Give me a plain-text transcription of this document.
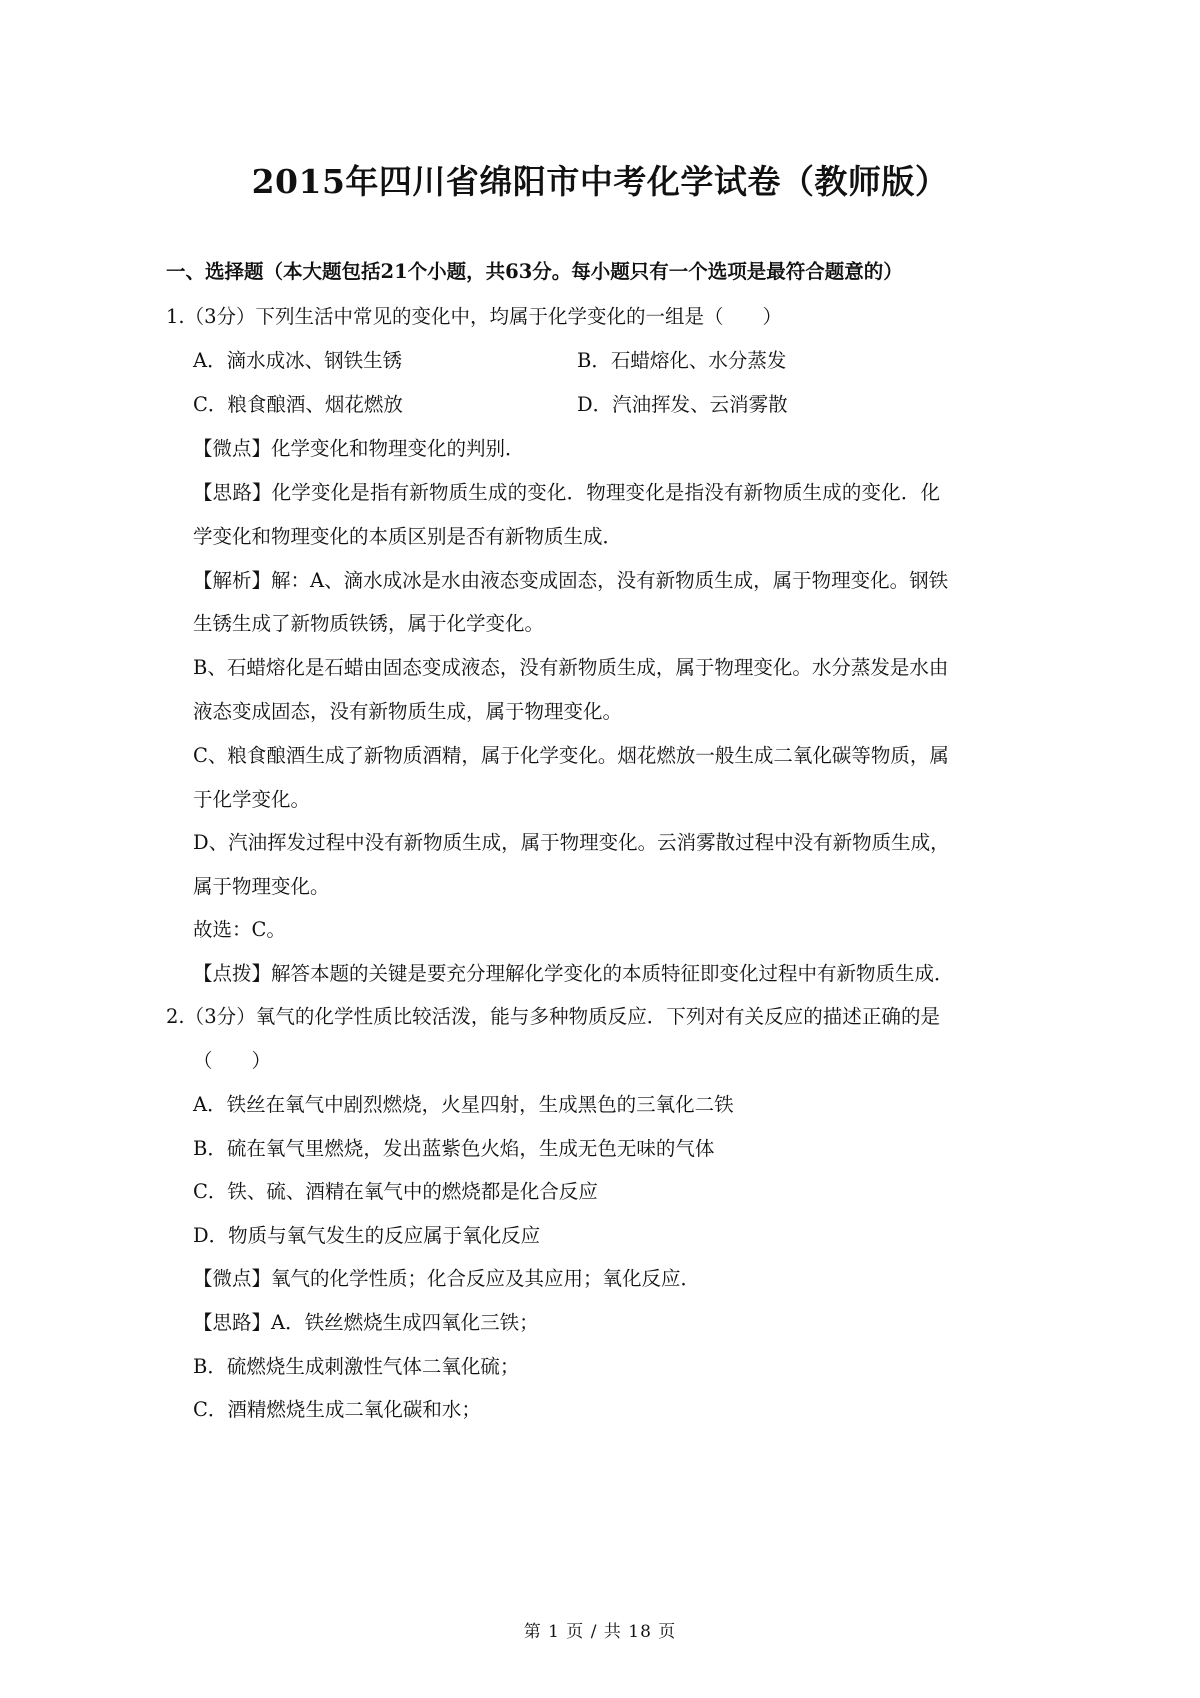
2015年四川省绵阳市中考化学试卷（教师版）
一、选择题（本大题包括21个小题，共63分。每小题只有一个选项是最符合题意的）
1.（3分）下列生活中常见的变化中，均属于化学变化的一组是（　　）
A．滴水成冰、钢铁生锈	B．石蜡熔化、水分蒸发
C．粮食酿酒、烟花燃放	D．汽油挥发、云消雾散
【微点】化学变化和物理变化的判别．
【思路】化学变化是指有新物质生成的变化．物理变化是指没有新物质生成的变化．化
学变化和物理变化的本质区别是否有新物质生成．
【解析】解：A、滴水成冰是水由液态变成固态，没有新物质生成，属于物理变化。钢铁
生锈生成了新物质铁锈，属于化学变化。
B、石蜡熔化是石蜡由固态变成液态，没有新物质生成，属于物理变化。水分蒸发是水由
液态变成固态，没有新物质生成，属于物理变化。
C、粮食酿酒生成了新物质酒精，属于化学变化。烟花燃放一般生成二氧化碳等物质，属
于化学变化。
D、汽油挥发过程中没有新物质生成，属于物理变化。云消雾散过程中没有新物质生成，
属于物理变化。
故选：C。
【点拨】解答本题的关键是要充分理解化学变化的本质特征即变化过程中有新物质生成．
2.（3分）氧气的化学性质比较活泼，能与多种物质反应．下列对有关反应的描述正确的是
（　　）
A．铁丝在氧气中剧烈燃烧，火星四射，生成黑色的三氧化二铁
B．硫在氧气里燃烧，发出蓝紫色火焰，生成无色无味的气体
C．铁、硫、酒精在氧气中的燃烧都是化合反应
D．物质与氧气发生的反应属于氧化反应
【微点】氧气的化学性质；化合反应及其应用；氧化反应．
【思路】A．铁丝燃烧生成四氧化三铁；
B．硫燃烧生成刺激性气体二氧化硫；
C．酒精燃烧生成二氧化碳和水；
第 1 页 / 共 18 页
